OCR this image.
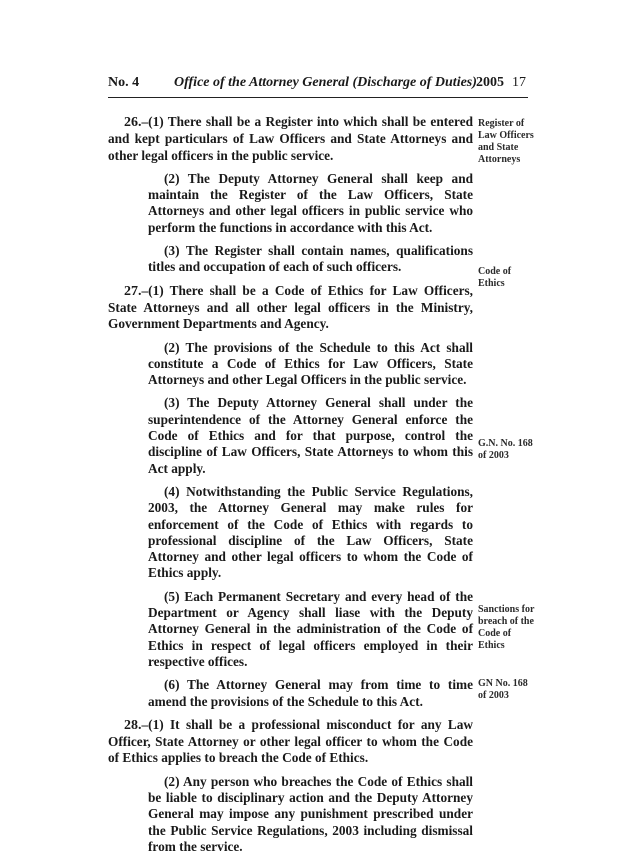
No. 4 Office of the Attorney General (Discharge of Duties) 2005 17
26.–(1) There shall be a Register into which shall be entered and kept particulars of Law Officers and State Attorneys and other legal officers in the public service.
(2) The Deputy Attorney General shall keep and maintain the Register of the Law Officers, State Attorneys and other legal officers in public service who perform the functions in accordance with this Act.
(3) The Register shall contain names, qualifications titles and occupation of each of such officers.
27.–(1) There shall be a Code of Ethics for Law Officers, State Attorneys and all other legal officers in the Ministry, Government Departments and Agency.
(2) The provisions of the Schedule to this Act shall constitute a Code of Ethics for Law Officers, State Attorneys and other Legal Officers in the public service.
(3) The Deputy Attorney General shall under the superintendence of the Attorney General enforce the Code of Ethics and for that purpose, control the discipline of Law Officers, State Attorneys to whom this Act apply.
(4) Notwithstanding the Public Service Regulations, 2003, the Attorney General may make rules for enforcement of the Code of Ethics with regards to professional discipline of the Law Officers, State Attorney and other legal officers to whom the Code of Ethics apply.
(5) Each Permanent Secretary and every head of the Department or Agency shall liase with the Deputy Attorney General in the administration of the Code of Ethics in respect of legal officers employed in their respective offices.
(6) The Attorney General may from time to time amend the provisions of the Schedule to this Act.
28.–(1) It shall be a professional misconduct for any Law Officer, State Attorney or other legal officer to whom the Code of Ethics applies to breach the Code of Ethics.
(2) Any person who breaches the Code of Ethics shall be liable to disciplinary action and the Deputy Attorney General may impose any punishment prescribed under the Public Service Regulations, 2003 including dismissal from the service.
Register of Law Officers and State Attorneys
Code of Ethics
G.N. No. 168 of 2003
Sanctions for breach of the Code of Ethics
GN No. 168 of 2003
